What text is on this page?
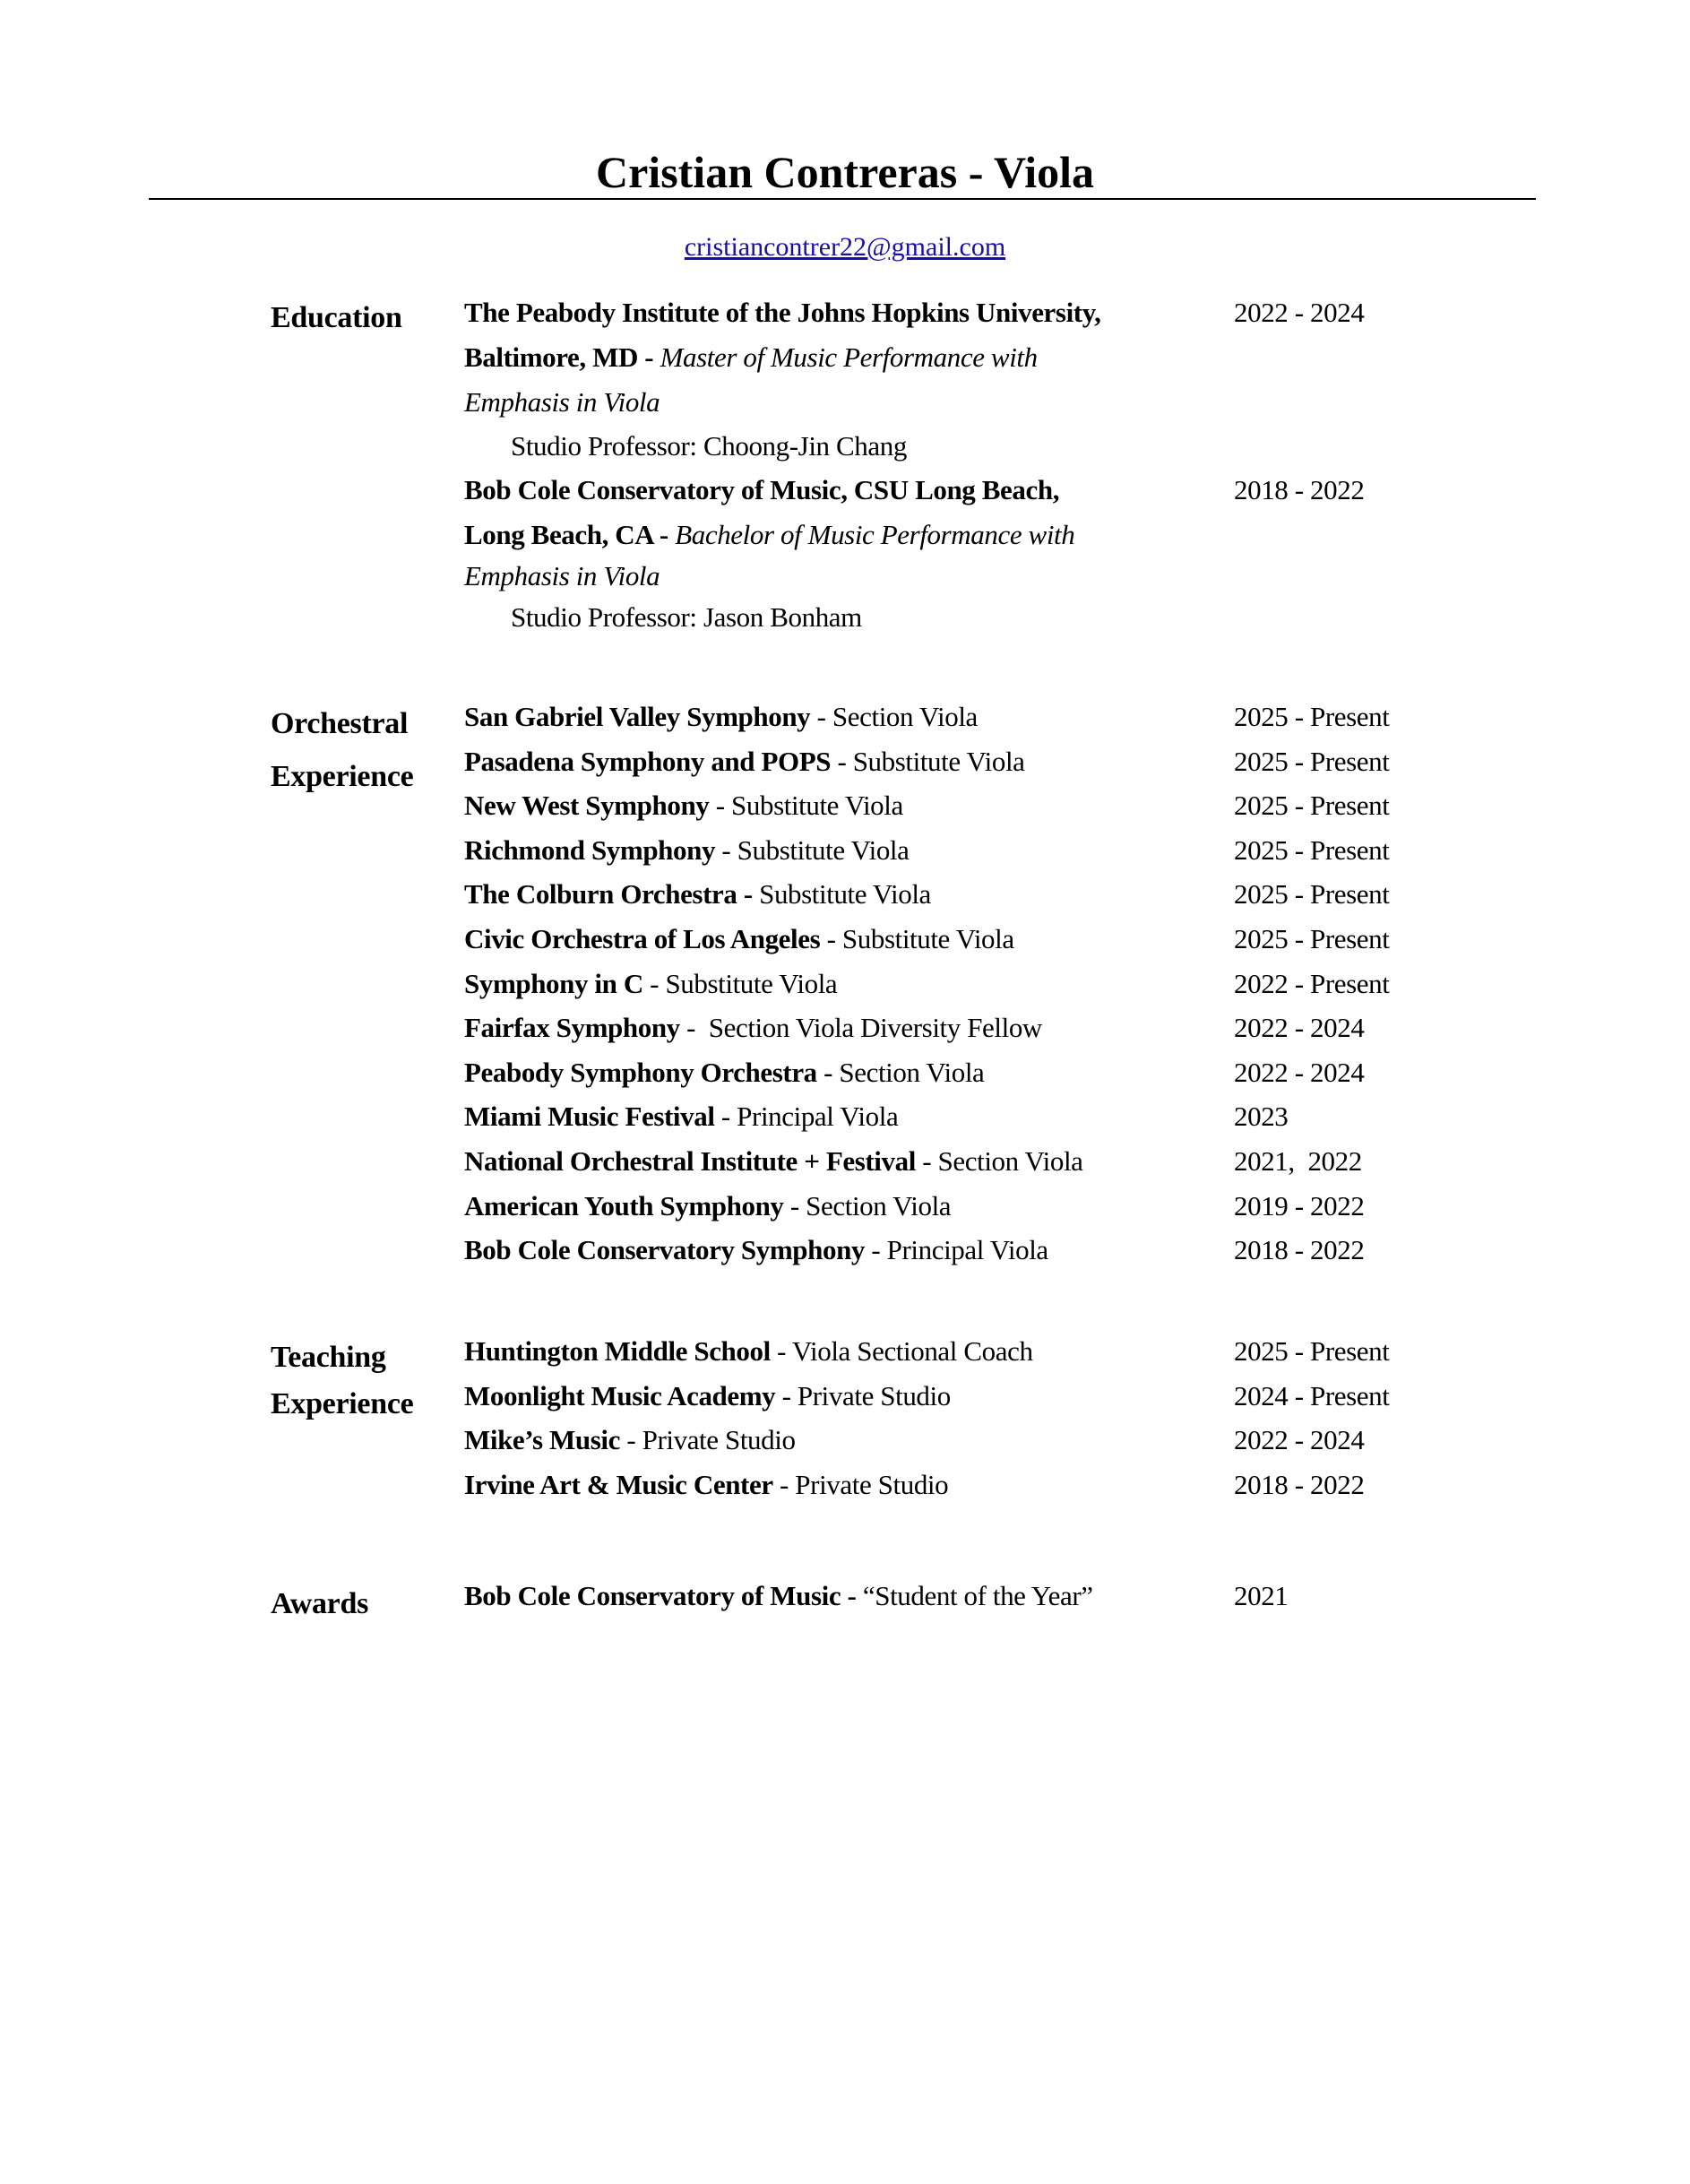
Cristian Contreras - Viola
cristiancontrer22@gmail.com
Education The Peabody Institute of the Johns Hopkins University,	2022 - 2024
Baltimore, MD - Master of Music Performance with
Emphasis in Viola
Studio Professor: Choong-Jin Chang
Bob Cole Conservatory of Music, CSU Long Beach,	2018 - 2022
Long Beach, CA - Bachelor of Music Performance with
Emphasis in Viola
Studio Professor: Jason Bonham
Orchestral
Experience
San Gabriel Valley Symphony - Section Viola	2025 - Present
Pasadena Symphony and POPS - Substitute Viola	2025 - Present
New West Symphony - Substitute Viola	2025 - Present
Richmond Symphony - Substitute Viola	2025 - Present
The Colburn Orchestra - Substitute Viola	2025 - Present
Civic Orchestra of Los Angeles - Substitute Viola	2025 - Present
Symphony in C - Substitute Viola	2022 - Present
Fairfax Symphony -  Section Viola Diversity Fellow	2022 - 2024
Peabody Symphony Orchestra - Section Viola	2022 - 2024
Miami Music Festival - Principal Viola	2023
National Orchestral Institute + Festival - Section Viola	2021,  2022
American Youth Symphony - Section Viola	2019 - 2022
Bob Cole Conservatory Symphony - Principal Viola	2018 - 2022
Teaching
Experience
Huntington Middle School - Viola Sectional Coach	2025 - Present
Moonlight Music Academy - Private Studio	2024 - Present
Mike’s Music - Private Studio	2022 - 2024
Irvine Art & Music Center - Private Studio	2018 - 2022
Awards	Bob Cole Conservatory of Music - “Student of the Year”	2021
